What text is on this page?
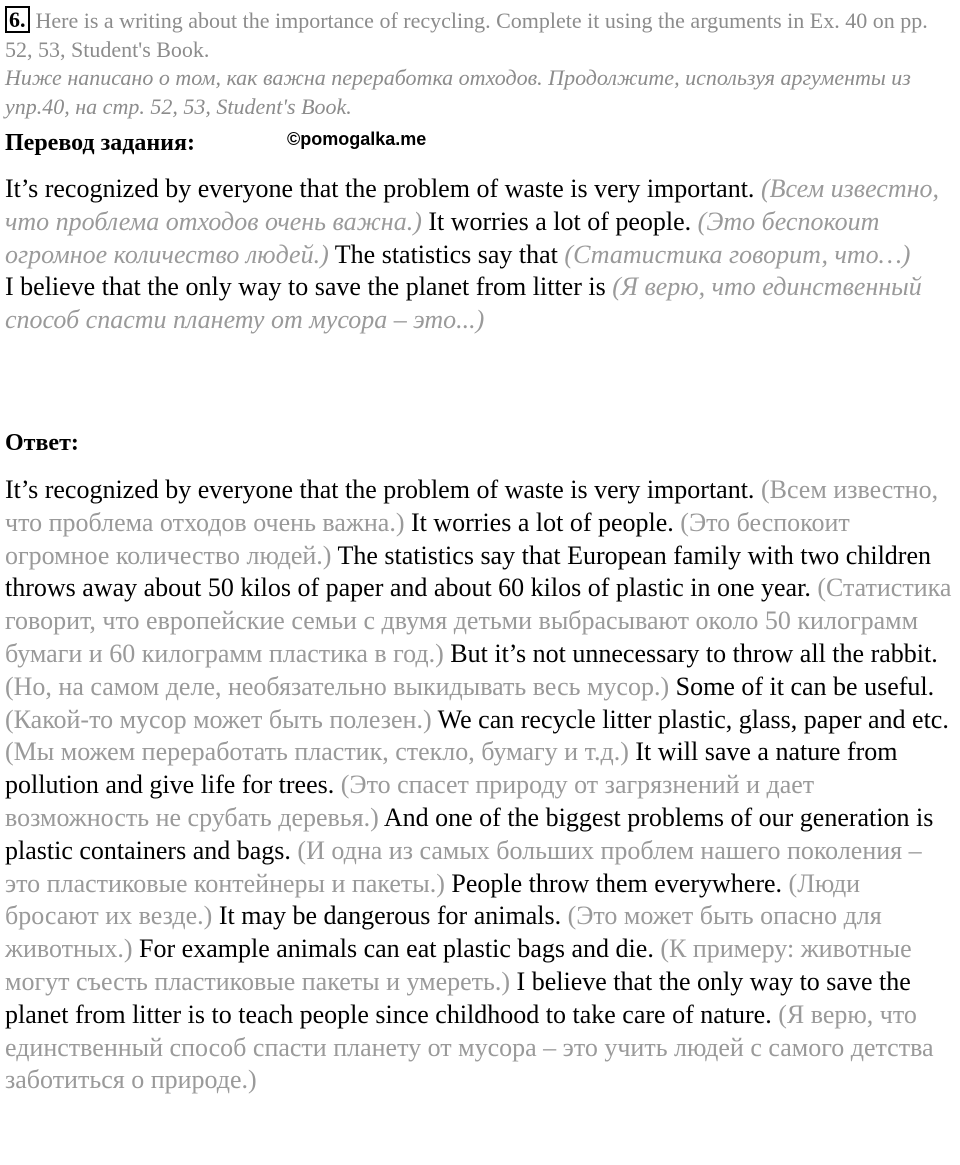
6. Here is a writing about the importance of recycling. Complete it using the arguments in Ex. 40 on pp. 52, 53, Student's Book.
Ниже написано о том, как важна переработка отходов. Продолжите, используя аргументы из упр.40, на стр. 52, 53, Student's Book.
Перевод задания:	©pomogalka.me
It’s recognized by everyone that the problem of waste is very important. (Всем известно, что проблема отходов очень важна.) It worries a lot of people. (Это беспокоит огромное количество людей.) The statistics say that (Статистика говорит, что…)
I believe that the only way to save the planet from litter is (Я верю, что единственный способ спасти планету от мусора – это...)
Ответ:
It’s recognized by everyone that the problem of waste is very important. (Всем известно, что проблема отходов очень важна.) It worries a lot of people. (Это беспокоит огромное количество людей.) The statistics say that European family with two children throws away about 50 kilos of paper and about 60 kilos of plastic in one year. (Статистика говорит, что европейские семьи с двумя детьми выбрасывают около 50 килограмм бумаги и 60 килограмм пластика в год.) But it’s not unnecessary to throw all the rabbit. (Но, на самом деле, необязательно выкидывать весь мусор.) Some of it can be useful. (Какой-то мусор может быть полезен.) We can recycle litter plastic, glass, paper and etc. (Мы можем переработать пластик, стекло, бумагу и т.д.) It will save a nature from pollution and give life for trees. (Это спасет природу от загрязнений и дает возможность не срубать деревья.) And one of the biggest problems of our generation is plastic containers and bags. (И одна из самых больших проблем нашего поколения – это пластиковые контейнеры и пакеты.) People throw them everywhere. (Люди бросают их везде.) It may be dangerous for animals. (Это может быть опасно для животных.) For example animals can eat plastic bags and die. (К примеру: животные могут съесть пластиковые пакеты и умереть.) I believe that the only way to save the planet from litter is to teach people since childhood to take care of nature. (Я верю, что единственный способ спасти планету от мусора – это учить людей с самого детства заботиться о природе.)
